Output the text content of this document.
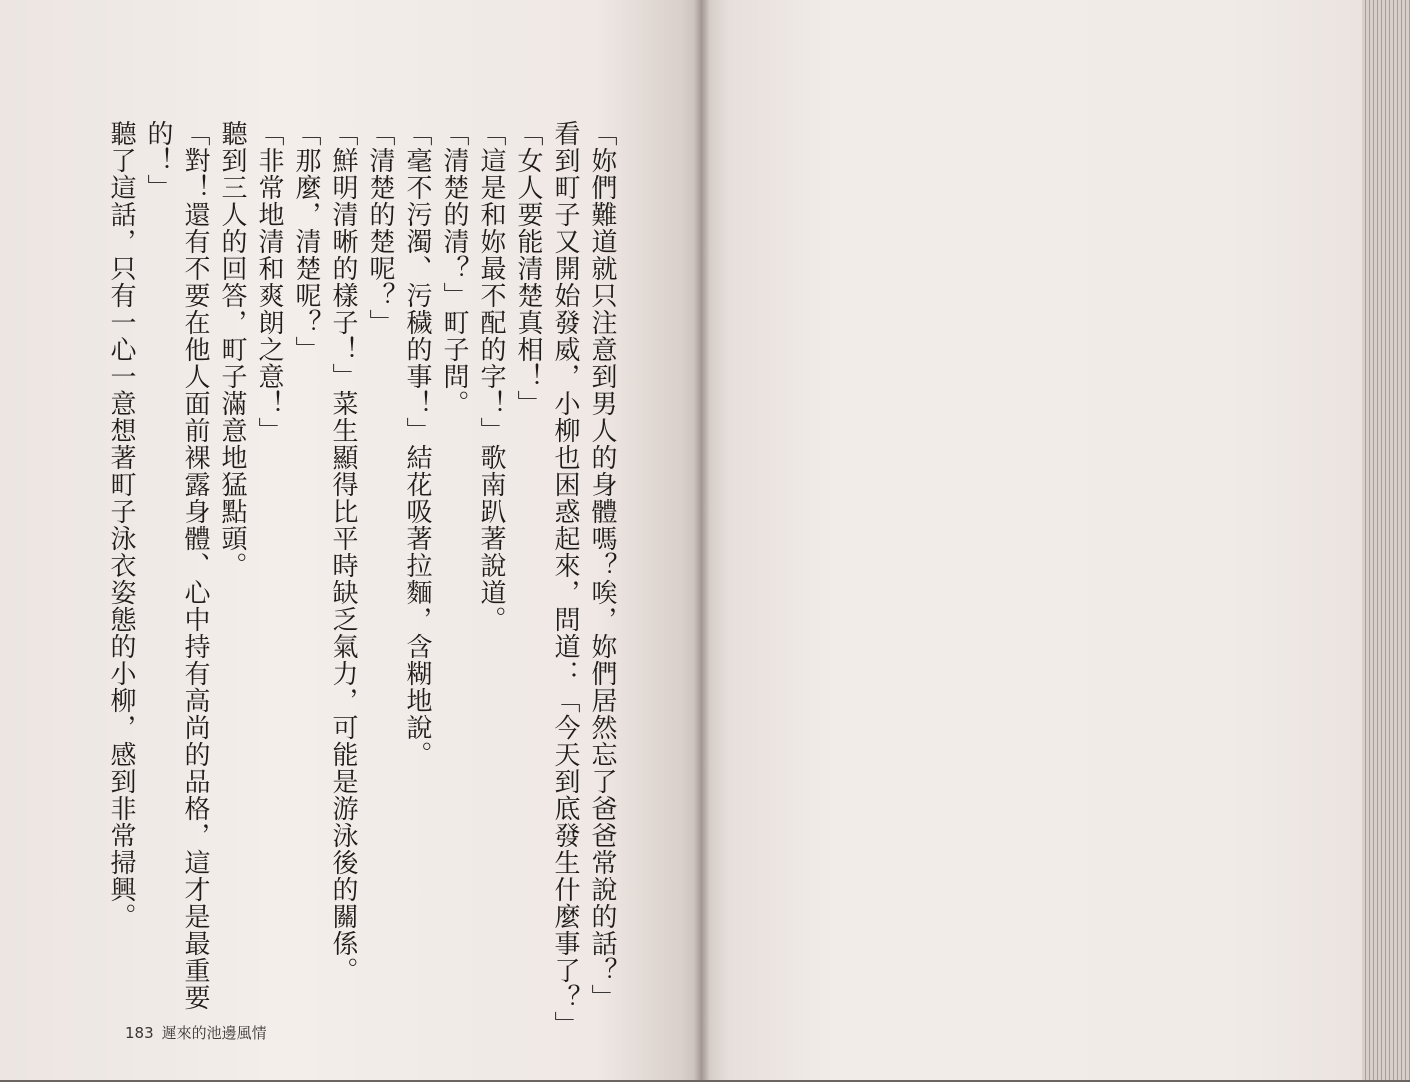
「妳們難道就只注意到男人的身體嗎？唉，妳們居然忘了爸爸常說的話？」
看到町子又開始發威，小柳也困惑起來，問道：「今天到底發生什麼事了？」
「女人要能清楚真相！」
「這是和妳最不配的字！」歌南趴著說道。
「清楚的清？」町子問。
「毫不污濁、污穢的事！」結花吸著拉麵，含糊地說。
「清楚的楚呢？」
「鮮明清晰的樣子！」菜生顯得比平時缺乏氣力，可能是游泳後的關係。
「那麼，清楚呢？」
「非常地清和爽朗之意！」
聽到三人的回答，町子滿意地猛點頭。
「對！還有不要在他人面前裸露身體、心中持有高尚的品格，這才是最重要
的！」
聽了這話，只有一心一意想著町子泳衣姿態的小柳，感到非常掃興。
183 遲來的池邊風情
